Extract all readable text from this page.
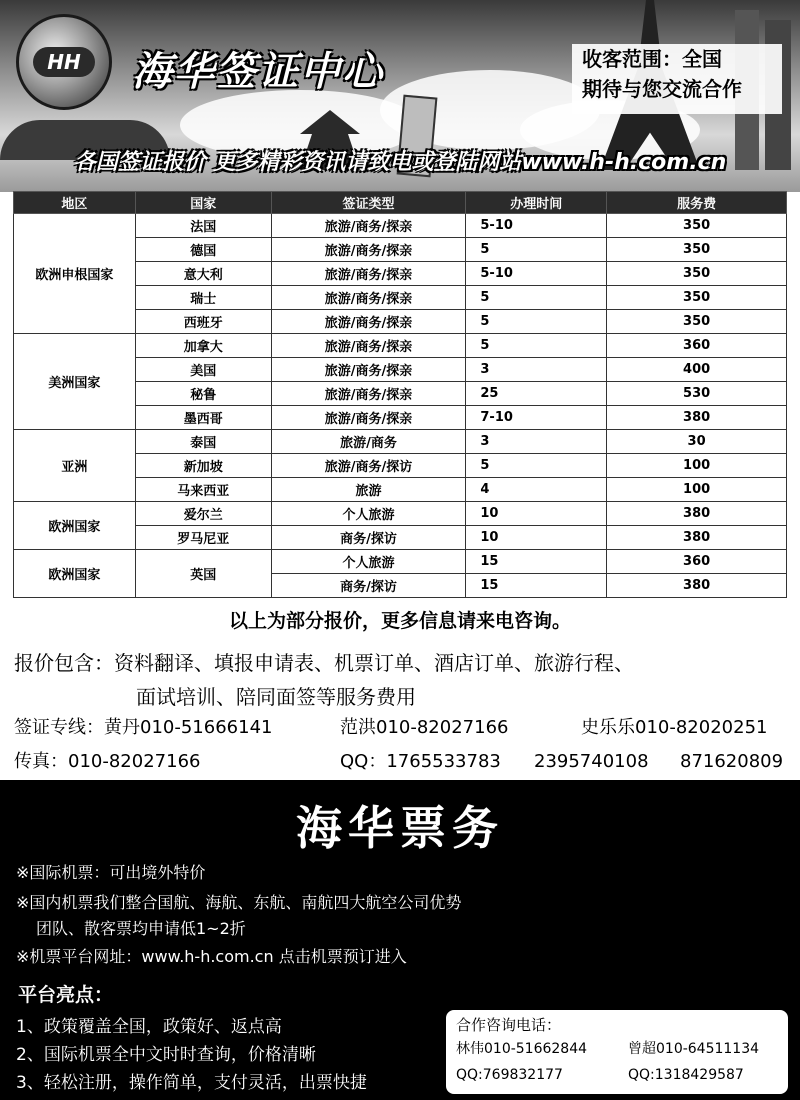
HH	海华签证中心	收客范围：全国
期待与您交流合作
各国签证报价 更多精彩资讯请致电或登陆网站www.h-h.com.cn
地区	国家	签证类型	办理时间	服务费
欧洲申根国家	法国	旅游/商务/探亲	5-10	350
	德国	旅游/商务/探亲	5	350
	意大利	旅游/商务/探亲	5-10	350
	瑞士	旅游/商务/探亲	5	350
	西班牙	旅游/商务/探亲	5	350
美洲国家	加拿大	旅游/商务/探亲	5	360
	美国	旅游/商务/探亲	3	400
	秘鲁	旅游/商务/探亲	25	530
	墨西哥	旅游/商务/探亲	7-10	380
亚洲	泰国	旅游/商务	3	30
	新加坡	旅游/商务/探访	5	100
	马来西亚	旅游	4	100
欧洲国家	爱尔兰	个人旅游	10	380
	罗马尼亚	商务/探访	10	380
欧洲国家	英国	个人旅游	15	360
		商务/探访	15	380
以上为部分报价，更多信息请来电咨询。
报价包含：资料翻译、填报申请表、机票订单、酒店订单、旅游行程、
面试培训、陪同面签等服务费用
签证专线：黄丹010-51666141	范洪010-82027166	史乐乐010-82020251
传真：010-82027166	QQ：1765533783 2395740108 871620809
海华票务
※国际机票：可出境外特价
※国内机票我们整合国航、海航、东航、南航四大航空公司优势
团队、散客票均申请低1~2折
※机票平台网址：www.h-h.com.cn 点击机票预订进入
平台亮点：
1、政策覆盖全国，政策好、返点高
2、国际机票全中文时时查询，价格清晰
3、轻松注册，操作简单，支付灵活，出票快捷
合作咨询电话：
林伟010-51662844	曾超010-64511134
QQ:769832177	QQ:1318429587
